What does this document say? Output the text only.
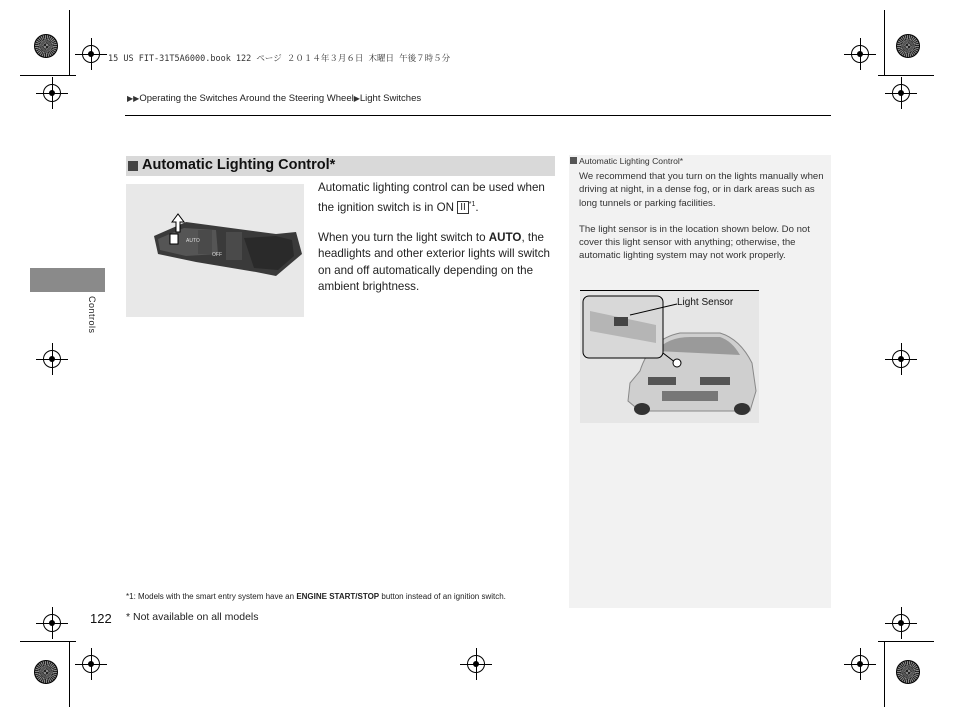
15 US FIT-31T5A6000.book 122 ページ ２０１４年３月６日 木曜日 午後７時５分
▶▶Operating the Switches Around the Steering Wheel▶Light Switches
Controls
Automatic Lighting Control*
AUTO
OFF

Automatic lighting control can be used when the ignition switch is in ON II $^{*1}$.

When you turn the light switch to AUTO, the headlights and other exterior lights will switch on and off automatically depending on the ambient brightness.

Automatic Lighting Control*

We recommend that you turn on the lights manually when driving at night, in a dense fog, or in dark areas such as long tunnels or parking facilities.

The light sensor is in the location shown below. Do not cover this light sensor with anything; otherwise, the automatic lighting system may not work properly.

Light Sensor
*1: Models with the smart entry system have an ENGINE START/STOP button instead of an ignition switch.
122 * Not available on all models
